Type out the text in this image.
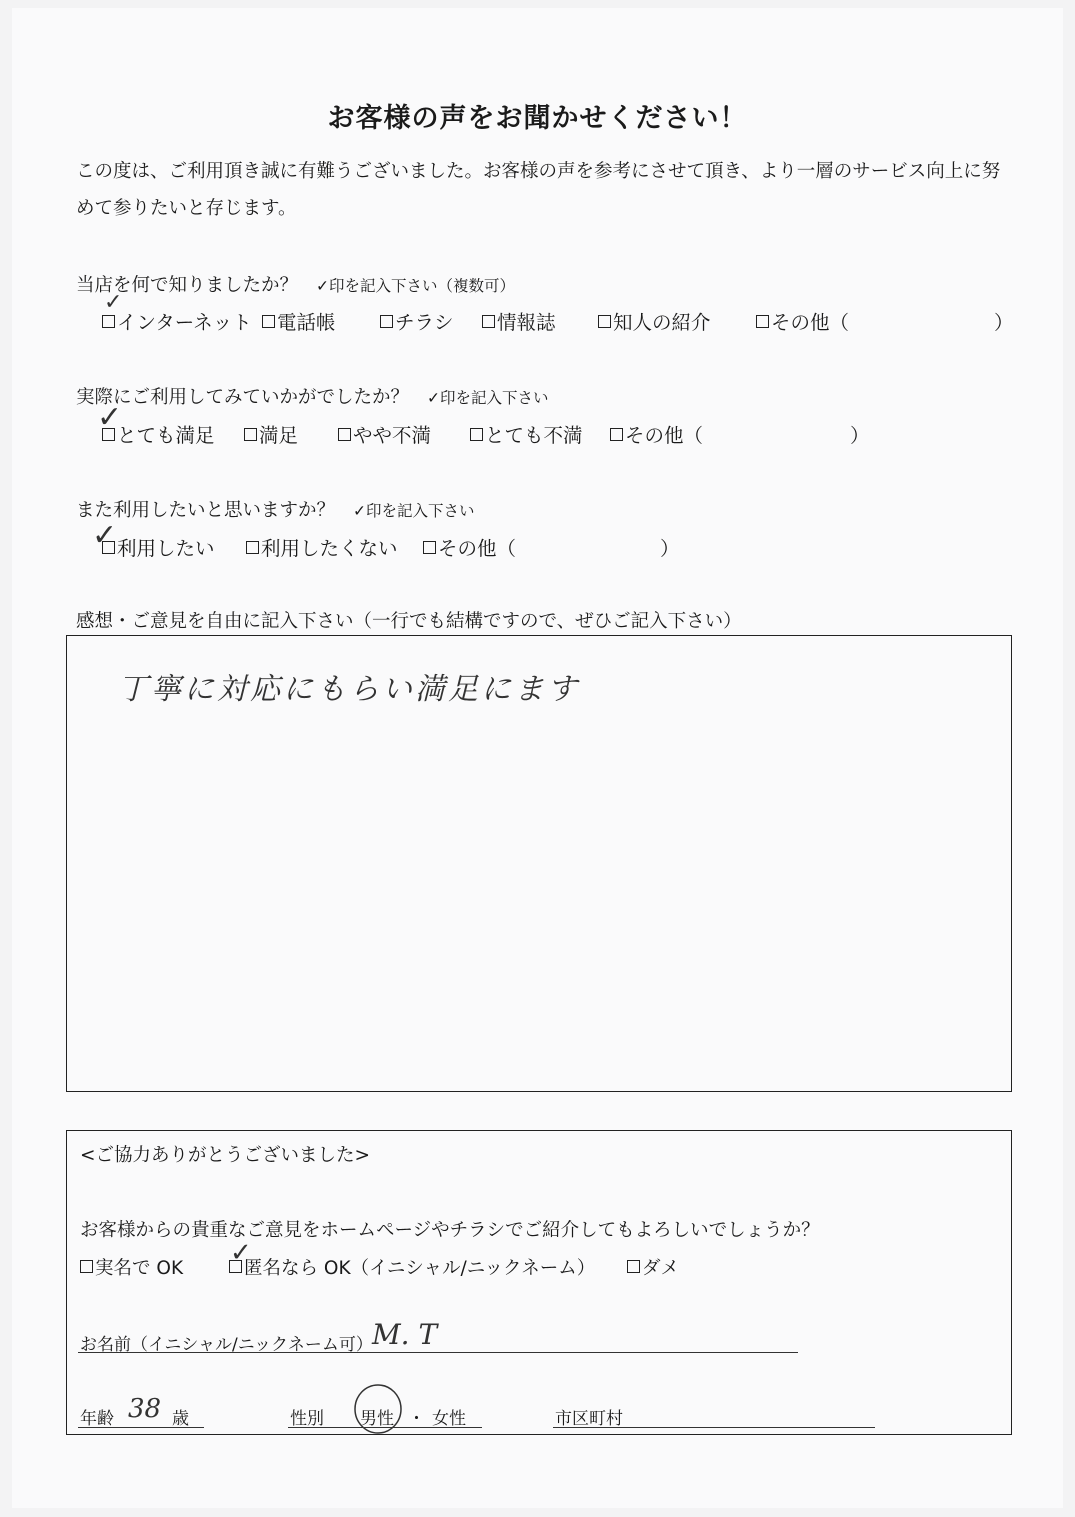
お客様の声をお聞かせください！
この度は、ご利用頂き誠に有難うございました。お客様の声を参考にさせて頂き、より一層のサービス向上に努めて参りたいと存じます。
当店を何で知りましたか？ ✓印を記入下さい（複数可）
インターネット	電話帳	チラシ	情報誌	知人の紹介	その他（	）
✓
実際にご利用してみていかがでしたか？ ✓印を記入下さい
とても満足	満足	やや不満	とても不満	その他（	）
✓
また利用したいと思いますか？ ✓印を記入下さい
利用したい	利用したくない	その他（	）
✓
感想・ご意見を自由に記入下さい（一行でも結構ですので、ぜひご記入下さい）
丁寧に対応にもらい満足にます
<ご協力ありがとうございました>
お客様からの貴重なご意見をホームページやチラシでご紹介してもよろしいでしょうか？
実名で OK	匿名なら OK（イニシャル/ニックネーム）	ダメ
✓
お名前（イニシャル/ニックネーム可） M. T
年齢 38 歳	性別 男性 ・ 女性	市区町村
